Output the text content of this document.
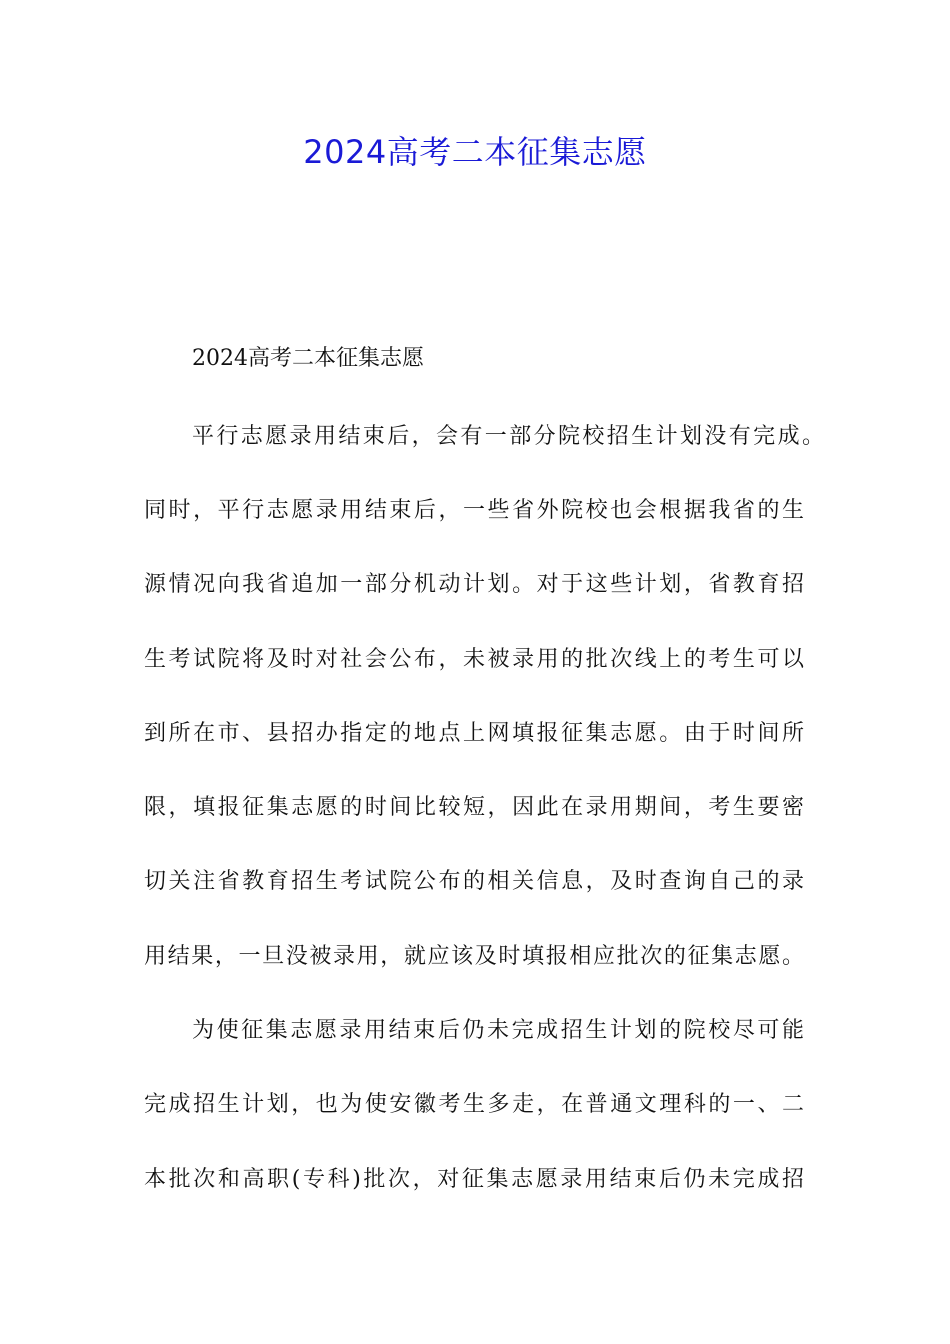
2024高考二本征集志愿

2024高考二本征集志愿

平行志愿录用结束后，会有一部分院校招生计划没有完成。

同时，平行志愿录用结束后，一些省外院校也会根据我省的生

源情况向我省追加一部分机动计划。对于这些计划，省教育招

生考试院将及时对社会公布，未被录用的批次线上的考生可以

到所在市、县招办指定的地点上网填报征集志愿。由于时间所

限，填报征集志愿的时间比较短，因此在录用期间，考生要密

切关注省教育招生考试院公布的相关信息，及时查询自己的录

用结果，一旦没被录用，就应该及时填报相应批次的征集志愿。

为使征集志愿录用结束后仍未完成招生计划的院校尽可能

完成招生计划，也为使安徽考生多走，在普通文理科的一、二

本批次和高职(专科)批次，对征集志愿录用结束后仍未完成招
